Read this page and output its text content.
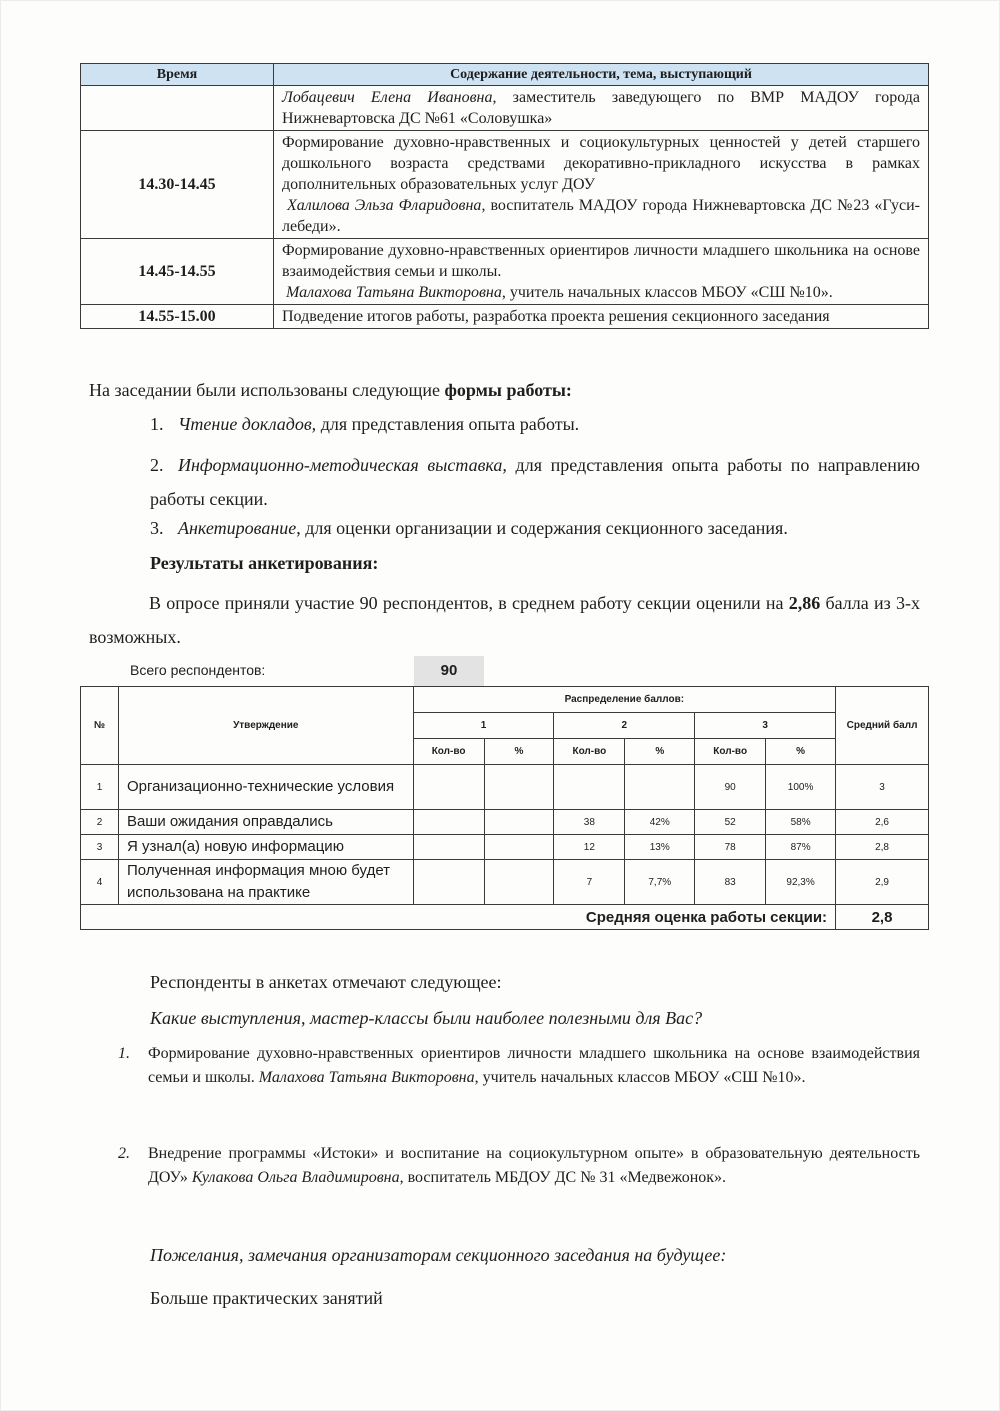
Время	Содержание деятельности, тема, выступающий
	Лобацевич Елена Ивановна, заместитель заведующего по ВМР МАДОУ города Нижневартовска ДС №61 «Соловушка»
14.30-14.45	Формирование духовно-нравственных и социокультурных ценностей у детей старшего дошкольного возраста средствами декоративно-прикладного искусства в рамках дополнительных образовательных услуг ДОУ
Халилова Эльза Фларидовна, воспитатель МАДОУ города Нижневартовска ДС №23 «Гуси-лебеди».

14.45-14.55	Формирование духовно-нравственных ориентиров личности младшего школьника на основе взаимодействия семьи и школы.
Малахова Татьяна Викторовна, учитель начальных классов МБОУ «СШ №10».

14.55-15.00	Подведение итогов работы, разработка проекта решения секционного заседания
На заседании были использованы следующие формы работы:
1. Чтение докладов, для представления опыта работы.
2. Информационно-методическая выставка, для представления опыта работы по направлению работы секции.
3. Анкетирование, для оценки организации и содержания секционного заседания.
Результаты анкетирования:
В опросе приняли участие 90 респондентов, в среднем работу секции оценили на 2,86 балла из 3-х возможных.
Всего респондентов:	90
№	Утверждение	Распределение баллов:						Средний балл
		1		2		3		
		Кол-во	%	Кол-во	%	Кол-во	%	
1	Организационно-технические условия					90	100%	3
2	Ваши ожидания оправдались			38	42%	52	58%	2,6
3	Я узнал(а) новую информацию			12	13%	78	87%	2,8
4	Полученная информация мною будет использована на практике			7	7,7%	83	92,3%	2,9
Средняя оценка работы секции:								2,8
Респонденты в анкетах отмечают следующее:
Какие выступления, мастер-классы были наиболее полезными для Вас?
1. Формирование духовно-нравственных ориентиров личности младшего школьника на основе взаимодействия семьи и школы. Малахова Татьяна Викторовна, учитель начальных классов МБОУ «СШ №10».
2. Внедрение программы «Истоки» и воспитание на социокультурном опыте» в образовательную деятельность ДОУ» Кулакова Ольга Владимировна, воспитатель МБДОУ ДС № 31 «Медвежонок».
Пожелания, замечания организаторам секционного заседания на будущее:
Больше практических занятий
